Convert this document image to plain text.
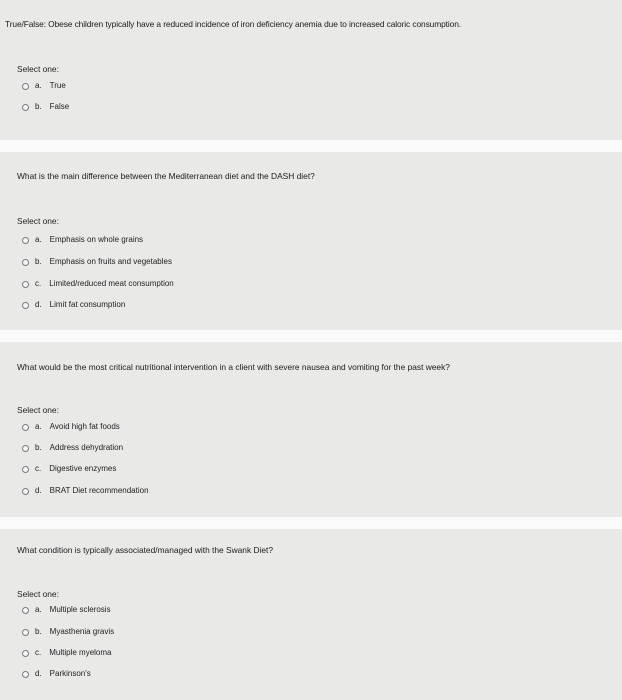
True/False: Obese children typically have a reduced incidence of iron deficiency anemia due to increased caloric consumption.
Select one:
a. True
b. False
What is the main difference between the Mediterranean diet and the DASH diet?
Select one:
a. Emphasis on whole grains
b. Emphasis on fruits and vegetables
c. Limited/reduced meat consumption
d. Limit fat consumption
What would be the most critical nutritional intervention in a client with severe nausea and vomiting for the past week?
Select one:
a. Avoid high fat foods
b. Address dehydration
c. Digestive enzymes
d. BRAT Diet recommendation
What condition is typically associated/managed with the Swank Diet?
Select one:
a. Multiple sclerosis
b. Myasthenia gravis
c. Multiple myeloma
d. Parkinson's
